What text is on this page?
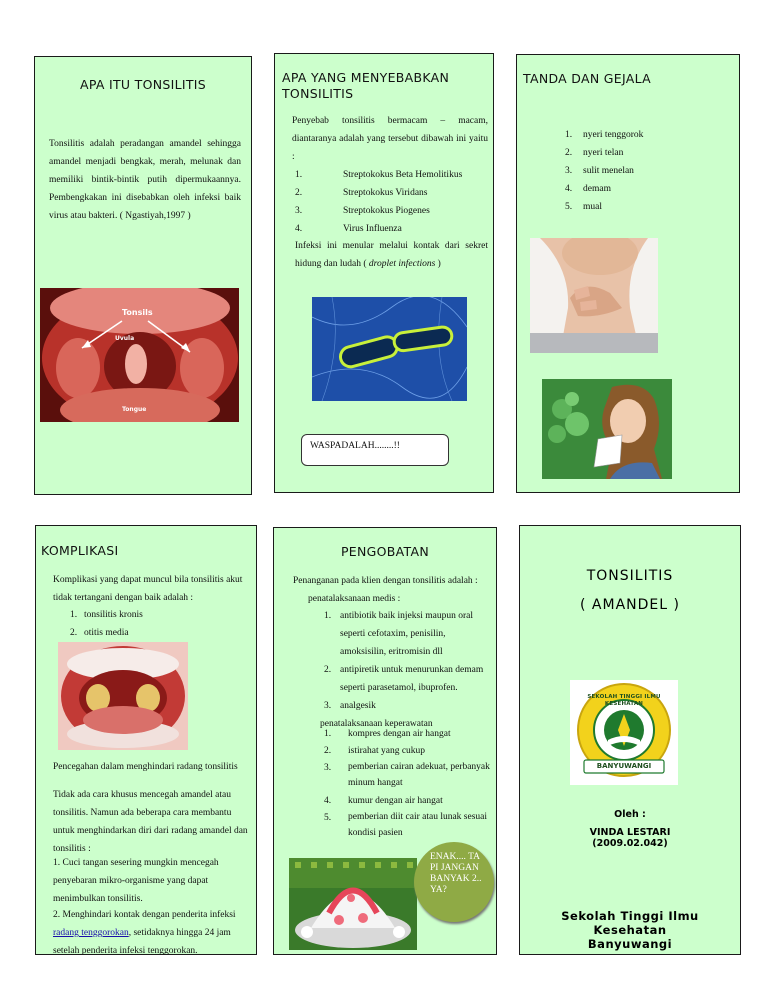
APA ITU TONSILITIS
Tonsilitis adalah peradangan amandel sehingga amandel menjadi bengkak, merah, melunak dan memiliki bintik-bintik putih dipermukaannya. Pembengkakan ini disebabkan oleh infeksi baik virus atau bakteri. ( Ngastiyah,1997 )
Tonsils
Uvula
Tongue
APA YANG MENYEBABKAN TONSILITIS
Penyebab tonsilitis bermacam – macam, diantaranya adalah yang tersebut dibawah ini yaitu :
1.	Streptokokus Beta Hemolitikus
2.	Streptokokus Viridans
3.	Streptokokus Piogenes
4.	Virus Influenza
Infeksi ini menular melalui kontak dari sekret hidung dan ludah ( droplet infections )
WASPADALAH........!!
TANDA DAN GEJALA
1. nyeri tenggorok
2. nyeri telan
3. sulit menelan
4. demam
5. mual
KOMPLIKASI
Komplikasi yang dapat muncul bila tonsilitis akut tidak tertangani dengan baik adalah :
1. tonsilitis kronis
2. otitis media
Pencegahan dalam menghindari radang tonsilitis
Tidak ada cara khusus mencegah amandel atau tonsilitis. Namun ada beberapa cara membantu untuk menghindarkan diri dari radang amandel dan tonsilitis :
1. Cuci tangan sesering mungkin mencegah penyebaran mikro-organisme yang dapat menimbulkan tonsilitis.
2. Menghindari kontak dengan penderita infeksi radang tenggorokan, setidaknya hingga 24 jam setelah penderita infeksi tenggorokan.
PENGOBATAN
Penanganan pada klien dengan tonsilitis adalah :
penatalaksanaan medis :
1. antibiotik baik injeksi maupun oral seperti cefotaxim, penisilin, amoksisilin, eritromisin dll
2. antipiretik untuk menurunkan demam seperti parasetamol, ibuprofen.
3. analgesik
penatalaksanaan keperawatan
1. kompres dengan air hangat
2. istirahat yang cukup
3. pemberian cairan adekuat, perbanyak minum hangat
4. kumur dengan air hangat
5. pemberian diit cair atau lunak sesuai kondisi pasien
ENAK.... TAPI JANGAN BANYAK 2..YA?
TONSILITIS
( AMANDEL )
SEKOLAH TINGGI ILMU KESEHATAN
BANYUWANGI
Oleh :
VINDA LESTARI
(2009.02.042)
Sekolah Tinggi Ilmu
Kesehatan
Banyuwangi
